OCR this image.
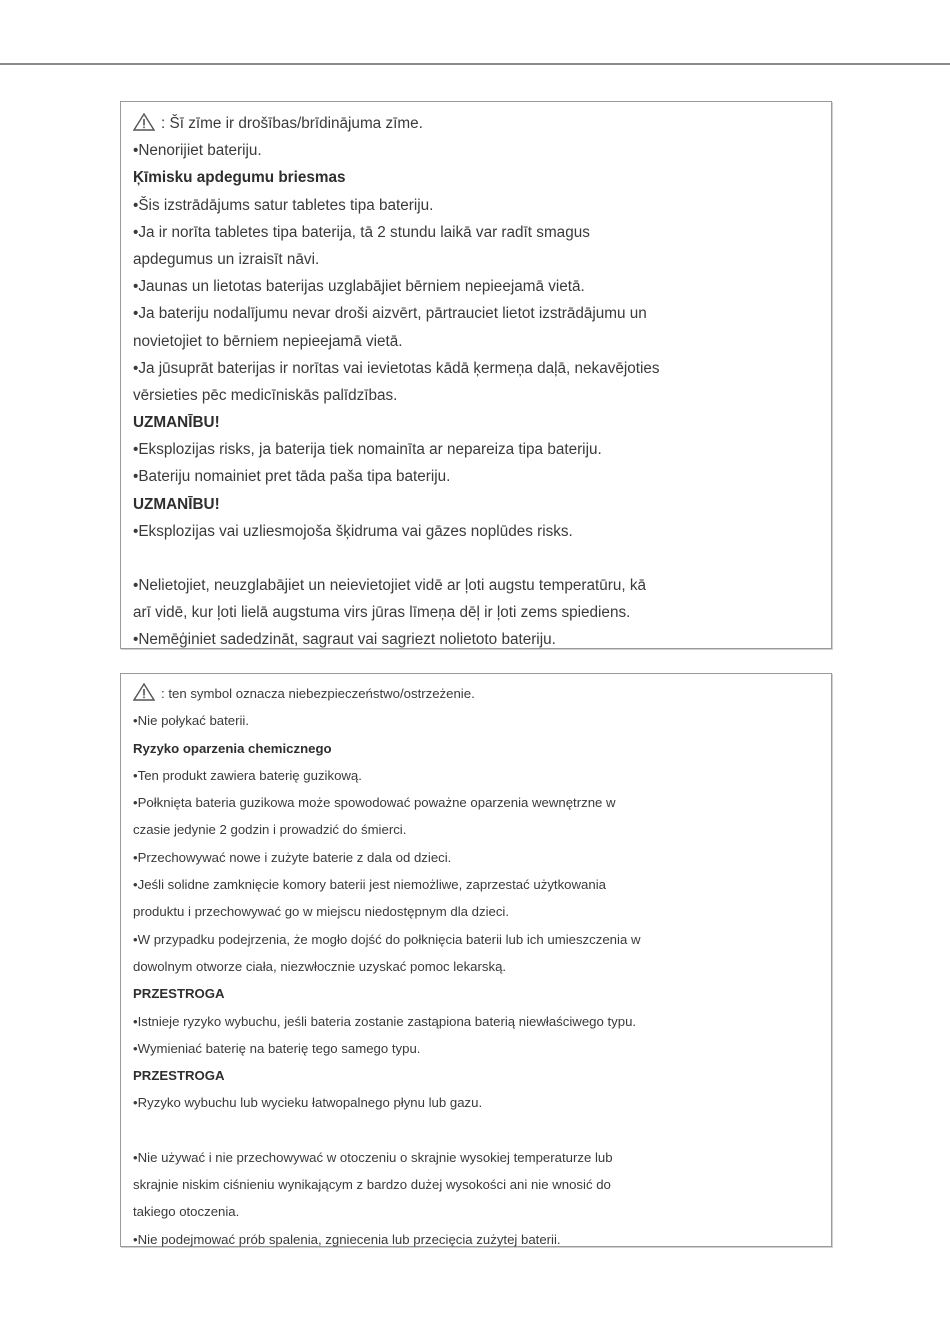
: Šī zīme ir drošības/brīdinājuma zīme.
•Nenorijiet bateriju.
Ķīmisku apdegumu briesmas
•Šis izstrādājums satur tabletes tipa bateriju.
•Ja ir norīta tabletes tipa baterija, tā 2 stundu laikā var radīt smagus
apdegumus un izraisīt nāvi.
•Jaunas un lietotas baterijas uzglabājiet bērniem nepieejamā vietā.
•Ja bateriju nodalījumu nevar droši aizvērt, pārtrauciet lietot izstrādājumu un
novietojiet to bērniem nepieejamā vietā.
•Ja jūsuprāt baterijas ir norītas vai ievietotas kādā ķermeņa daļā, nekavējoties
vērsieties pēc medicīniskās palīdzības.
UZMANĪBU!
•Eksplozijas risks, ja baterija tiek nomainīta ar nepareiza tipa bateriju.
•Bateriju nomainiet pret tāda paša tipa bateriju.
UZMANĪBU!
•Eksplozijas vai uzliesmojoša šķidruma vai gāzes noplūdes risks.
•Nelietojiet, neuzglabājiet un neievietojiet vidē ar ļoti augstu temperatūru, kā
arī vidē, kur ļoti lielā augstuma virs jūras līmeņa dēļ ir ļoti zems spiediens.
•Nemēģiniet sadedzināt, sagraut vai sagriezt nolietoto bateriju.
: ten symbol oznacza niebezpieczeństwo/ostrzeżenie.
•Nie połykać baterii.
Ryzyko oparzenia chemicznego
•Ten produkt zawiera baterię guzikową.
•Połknięta bateria guzikowa może spowodować poważne oparzenia wewnętrzne w
czasie jedynie 2 godzin i prowadzić do śmierci.
•Przechowywać nowe i zużyte baterie z dala od dzieci.
•Jeśli solidne zamknięcie komory baterii jest niemożliwe, zaprzestać użytkowania
produktu i przechowywać go w miejscu niedostępnym dla dzieci.
•W przypadku podejrzenia, że mogło dojść do połknięcia baterii lub ich umieszczenia w
dowolnym otworze ciała, niezwłocznie uzyskać pomoc lekarską.
PRZESTROGA
•Istnieje ryzyko wybuchu, jeśli bateria zostanie zastąpiona baterią niewłaściwego typu.
•Wymieniać baterię na baterię tego samego typu.
PRZESTROGA
•Ryzyko wybuchu lub wycieku łatwopalnego płynu lub gazu.
•Nie używać i nie przechowywać w otoczeniu o skrajnie wysokiej temperaturze lub
skrajnie niskim ciśnieniu wynikającym z bardzo dużej wysokości ani nie wnosić do
takiego otoczenia.
•Nie podejmować prób spalenia, zgniecenia lub przecięcia zużytej baterii.
